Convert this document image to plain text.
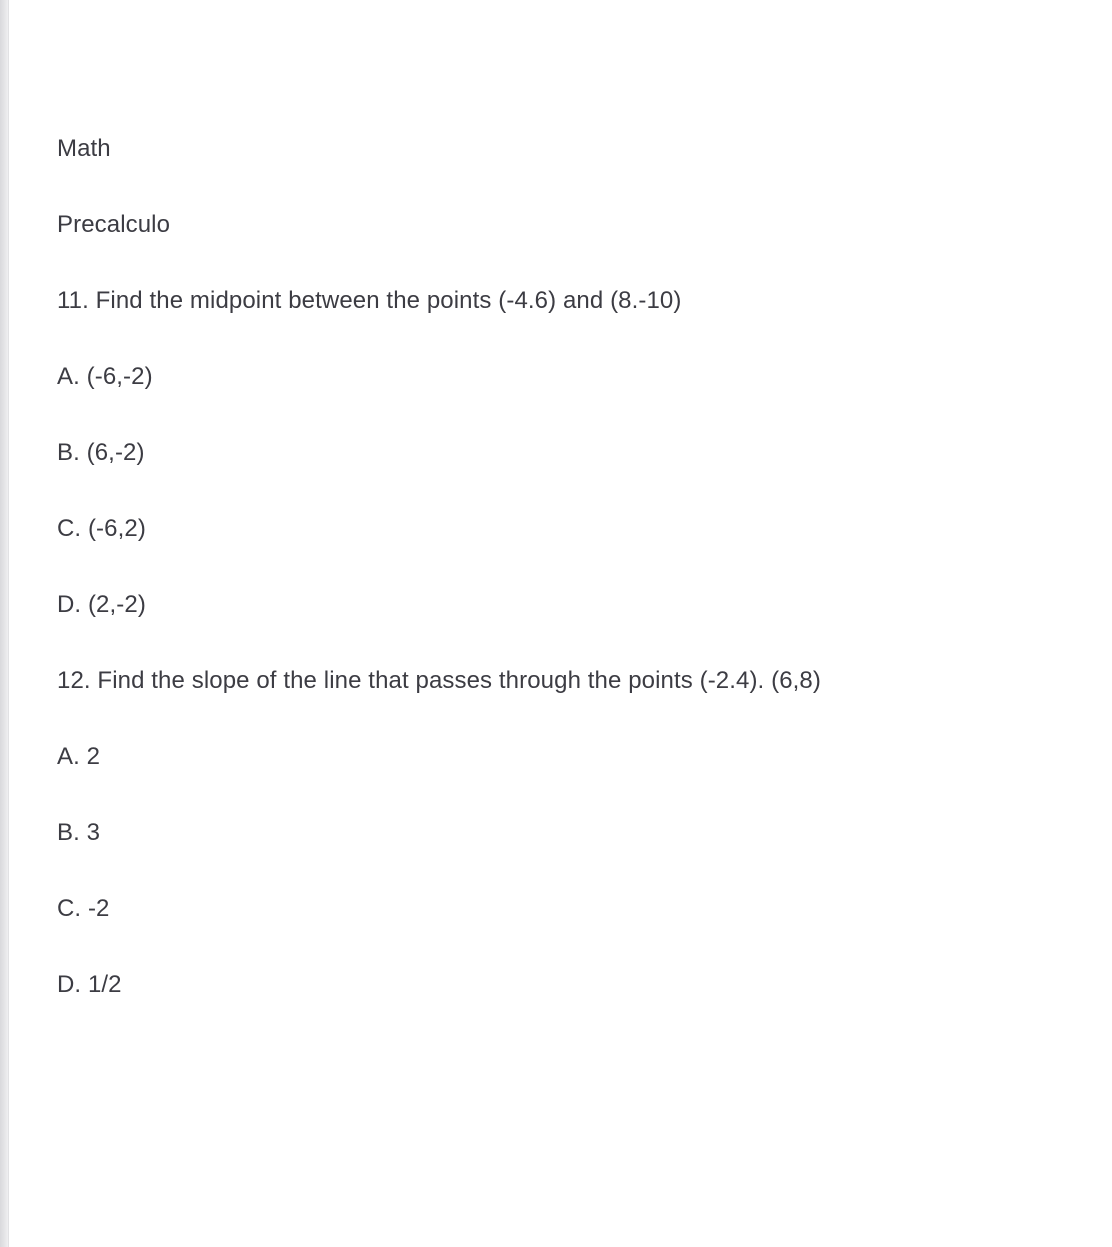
Math
Precalculo
11. Find the midpoint between the points (-4.6) and (8.-10)
A. (-6,-2)
B. (6,-2)
C. (-6,2)
D. (2,-2)
12. Find the slope of the line that passes through the points (-2.4). (6,8)
A. 2
B. 3
C. -2
D. 1/2
